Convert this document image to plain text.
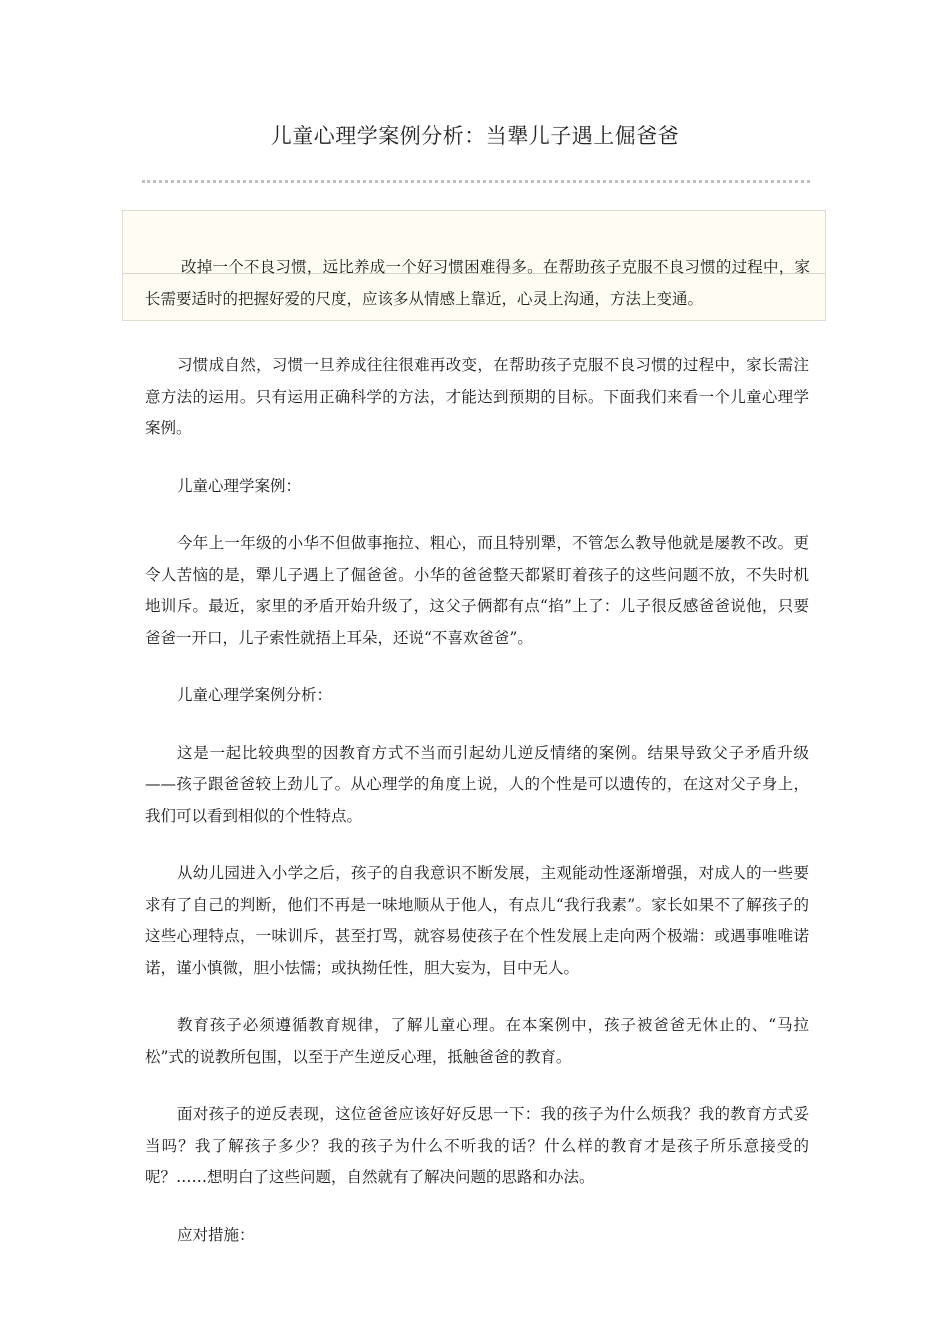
儿童心理学案例分析：当犟儿子遇上倔爸爸

改掉一个不良习惯，远比养成一个好习惯困难得多。在帮助孩子克服不良习惯的过程中，家长需要适时的把握好爱的尺度，应该多从情感上靠近，心灵上沟通，方法上变通。

习惯成自然，习惯一旦养成往往很难再改变，在帮助孩子克服不良习惯的过程中，家长需注意方法的运用。只有运用正确科学的方法，才能达到预期的目标。下面我们来看一个儿童心理学案例。

儿童心理学案例：

今年上一年级的小华不但做事拖拉、粗心，而且特别犟，不管怎么教导他就是屡教不改。更令人苦恼的是，犟儿子遇上了倔爸爸。小华的爸爸整天都紧盯着孩子的这些问题不放，不失时机地训斥。最近，家里的矛盾开始升级了，这父子俩都有点“掐”上了：儿子很反感爸爸说他，只要爸爸一开口，儿子索性就捂上耳朵，还说“不喜欢爸爸”。

儿童心理学案例分析：

这是一起比较典型的因教育方式不当而引起幼儿逆反情绪的案例。结果导致父子矛盾升级——孩子跟爸爸较上劲儿了。从心理学的角度上说，人的个性是可以遗传的，在这对父子身上，我们可以看到相似的个性特点。

从幼儿园进入小学之后，孩子的自我意识不断发展，主观能动性逐渐增强，对成人的一些要求有了自己的判断，他们不再是一味地顺从于他人，有点儿“我行我素”。家长如果不了解孩子的这些心理特点，一味训斥，甚至打骂，就容易使孩子在个性发展上走向两个极端：或遇事唯唯诺诺，谨小慎微，胆小怯懦；或执拗任性，胆大妄为，目中无人。

教育孩子必须遵循教育规律，了解儿童心理。在本案例中，孩子被爸爸无休止的、“马拉松”式的说教所包围，以至于产生逆反心理，抵触爸爸的教育。

面对孩子的逆反表现，这位爸爸应该好好反思一下：我的孩子为什么烦我？我的教育方式妥当吗？我了解孩子多少？我的孩子为什么不听我的话？什么样的教育才是孩子所乐意接受的呢？……想明白了这些问题，自然就有了解决问题的思路和办法。

应对措施：
